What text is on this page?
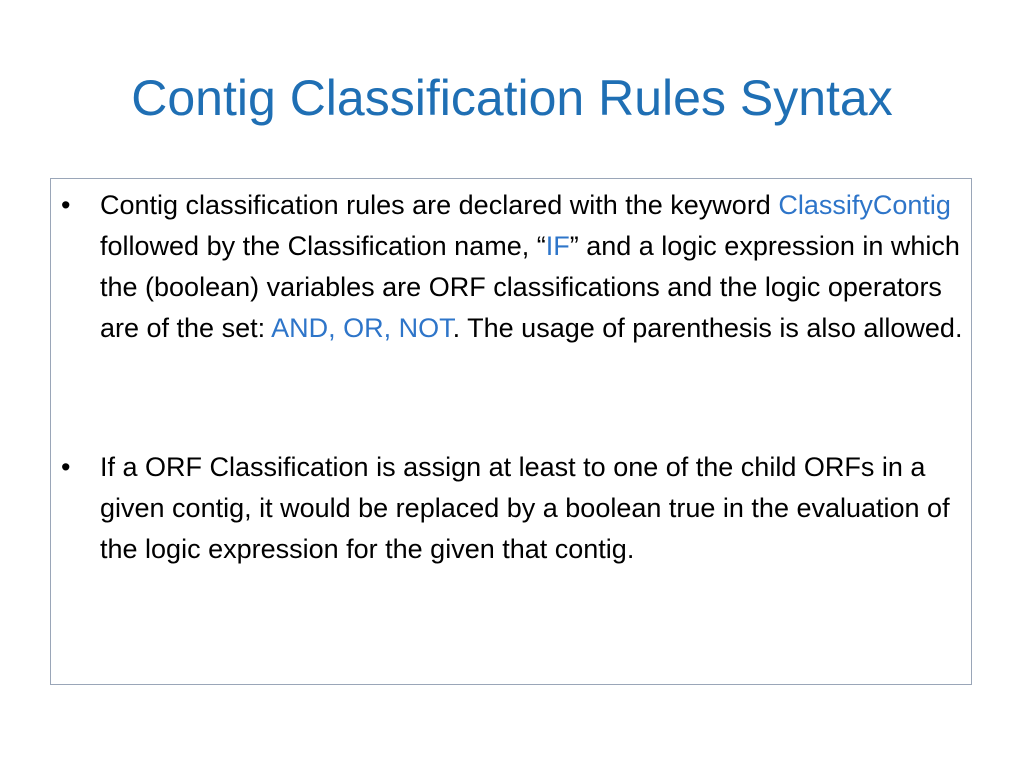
Contig Classification Rules Syntax
• Contig classification rules are declared with the keyword ClassifyContig followed by the Classification name, “IF” and a logic expression in which the (boolean) variables are ORF classifications and the logic operators are of the set: AND, OR, NOT. The usage of parenthesis is also allowed.

• If a ORF Classification is assign at least to one of the child ORFs in a given contig, it would be replaced by a boolean true in the evaluation of the logic expression for the given that contig.
